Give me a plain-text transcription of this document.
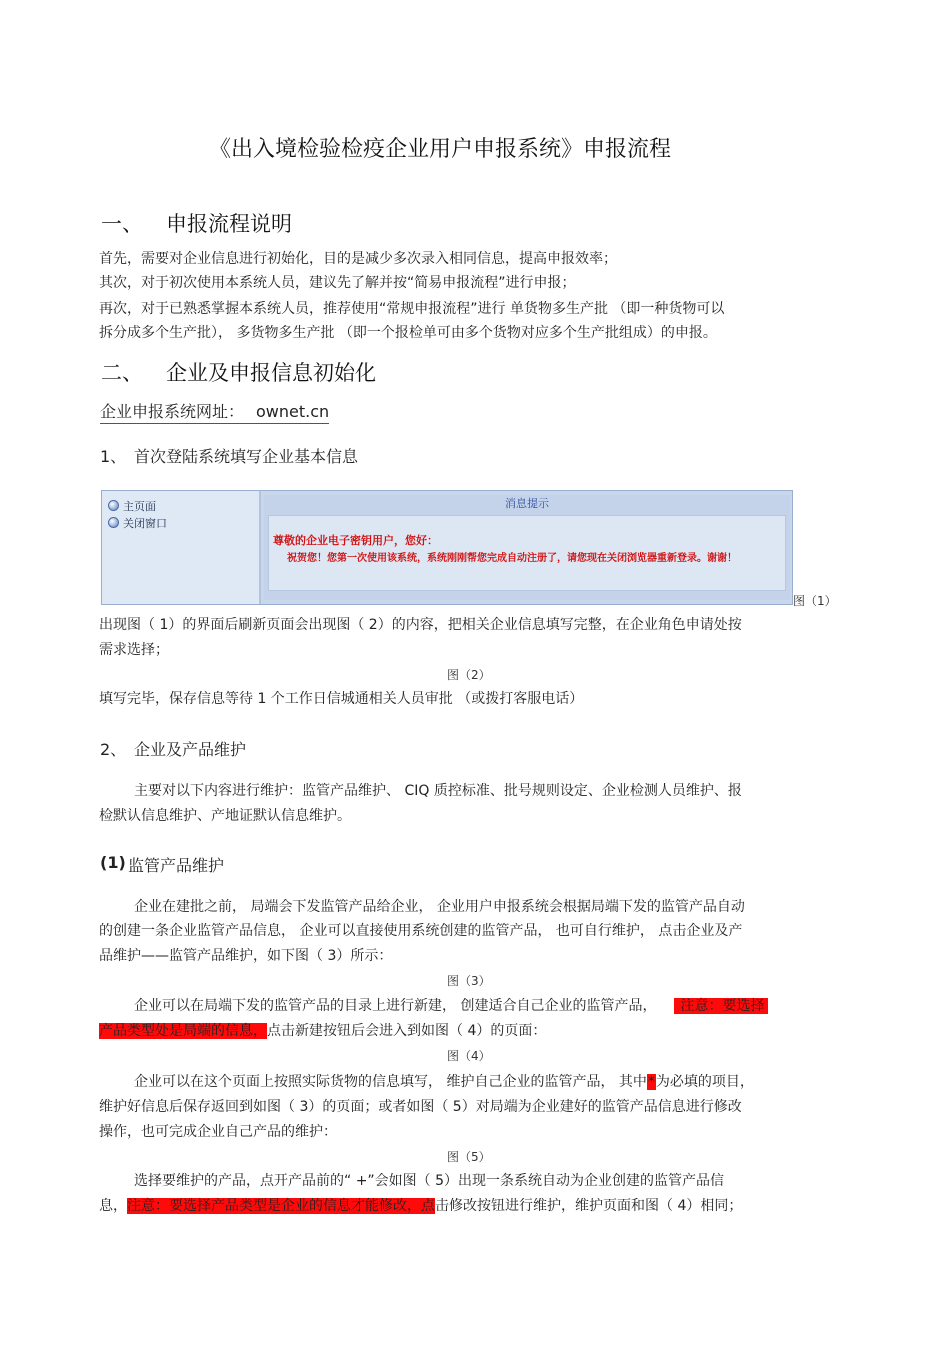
《出入境检验检疫企业用户申报系统》申报流程
一、 申报流程说明
首先，需要对企业信息进行初始化，目的是减少多次录入相同信息，提高申报效率；
其次，对于初次使用本系统人员，建议先了解并按“简易申报流程”进行申报；
再次，对于已熟悉掌握本系统人员，推荐使用“常规申报流程”进行 单货物多生产批 （即一种货物可以
拆分成多个生产批）， 多货物多生产批 （即一个报检单可由多个货物对应多个生产批组成）的申报。
二、 企业及申报信息初始化
企业申报系统网址： ownet.cn
1、 首次登陆系统填写企业基本信息
主页面
关闭窗口
消息提示
尊敬的企业电子密钥用户，您好：
祝贺您！您第一次使用该系统，系统刚刚帮您完成自动注册了，请您现在关闭浏览器重新登录。谢谢！
图（1）
出现图（ 1）的界面后刷新页面会出现图（ 2）的内容，把相关企业信息填写完整，在企业角色申请处按
需求选择；
图（2）
填写完毕，保存信息等待 1 个工作日信城通相关人员审批 （或拨打客服电话）
2、 企业及产品维护
主要对以下内容进行维护：监管产品维护、 CIQ 质控标准、批号规则设定、企业检测人员维护、报
检默认信息维护、产地证默认信息维护。
(1) 监管产品维护
企业在建批之前， 局端会下发监管产品给企业， 企业用户申报系统会根据局端下发的监管产品自动
的创建一条企业监管产品信息， 企业可以直接使用系统创建的监管产品， 也可自行维护， 点击企业及产
品维护——监管产品维护，如下图（ 3）所示：
图（3）
企业可以在局端下发的监管产品的目录上进行新建， 创建适合自己企业的监管产品， 注意：要选择
产品类型处是局端的信息，点击新建按钮后会进入到如图（ 4）的页面：
图（4）
企业可以在这个页面上按照实际货物的信息填写， 维护自己企业的监管产品， 其中*为必填的项目，
维护好信息后保存返回到如图（ 3）的页面；或者如图（ 5）对局端为企业建好的监管产品信息进行修改
操作，也可完成企业自己产品的维护：
图（5）
选择要维护的产品，点开产品前的“ +”会如图（ 5）出现一条系统自动为企业创建的监管产品信
息，注意：要选择产品类型是企业的信息才能修改，点击修改按钮进行维护，维护页面和图（ 4）相同；
